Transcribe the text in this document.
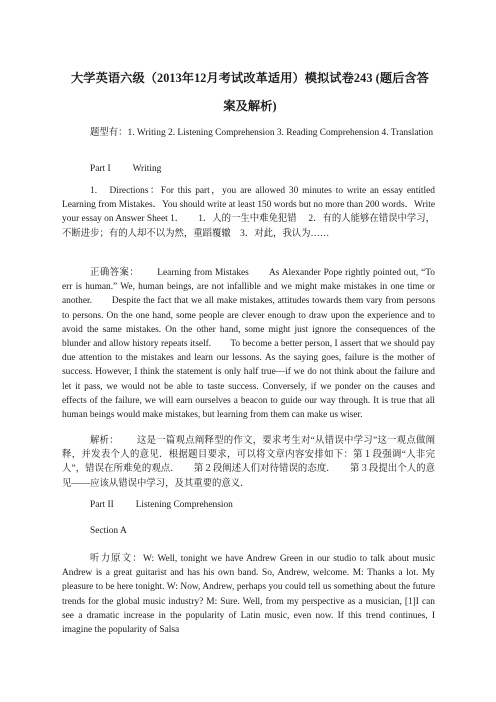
大学英语六级（2013年12月考试改革适用）模拟试卷243 (题后含答案及解析)
题型有：1. Writing 2. Listening Comprehension 3. Reading Comprehension 4. Translation
Part I Writing
1.　Directions：For this part，you are allowed 30 minutes to write an essay entitled Learning from Mistakes．You should write at least 150 words but no more than 200 words．Write your essay on Answer Sheet 1．　　1．人的一生中难免犯错　 2．有的人能够在错误中学习，不断进步；有的人却不以为然，重蹈覆辙　3．对此，我认为……
正确答案： Learning from Mistakes　　As Alexander Pope rightly pointed out, “To err is human.” We, human beings, are not infallible and we might make mistakes in one time or another.　　Despite the fact that we all make mistakes, attitudes towards them vary from persons to persons. On the one hand, some people are clever enough to draw upon the experience and to avoid the same mistakes. On the other hand, some might just ignore the consequences of the blunder and allow history repeats itself.　　To become a better person, I assert that we should pay due attention to the mistakes and learn our lessons. As the saying goes, failure is the mother of success. However, I think the statement is only half true—if we do not think about the failure and let it pass, we would not be able to taste success. Conversely, if we ponder on the causes and effects of the failure, we will earn ourselves a beacon to guide our way through. It is true that all human beings would make mistakes, but learning from them can make us wiser.
解析： 这是一篇观点阐释型的作文，要求考生对“从错误中学习”这一观点做阐释，并发表个人的意见．根据题目要求，可以将文章内容安排如下：第１段强调“人非完人”，错误在所难免的观点．　　第２段阐述人们对待错误的态度．　　第３段提出个人的意见——应该从错误中学习，及其重要的意义．
Part II Listening Comprehension
Section A
听力原文：W: Well, tonight we have Andrew Green in our studio to talk about music Andrew is a great guitarist and has his own band. So, Andrew, welcome. M: Thanks a lot. My pleasure to be here tonight. W: Now, Andrew, perhaps you could tell us something about the future trends for the global music industry? M: Sure. Well, from my perspective as a musician, [1]I can see a dramatic increase in the popularity of Latin music, even now. If this trend continues, I imagine the popularity of Salsa
